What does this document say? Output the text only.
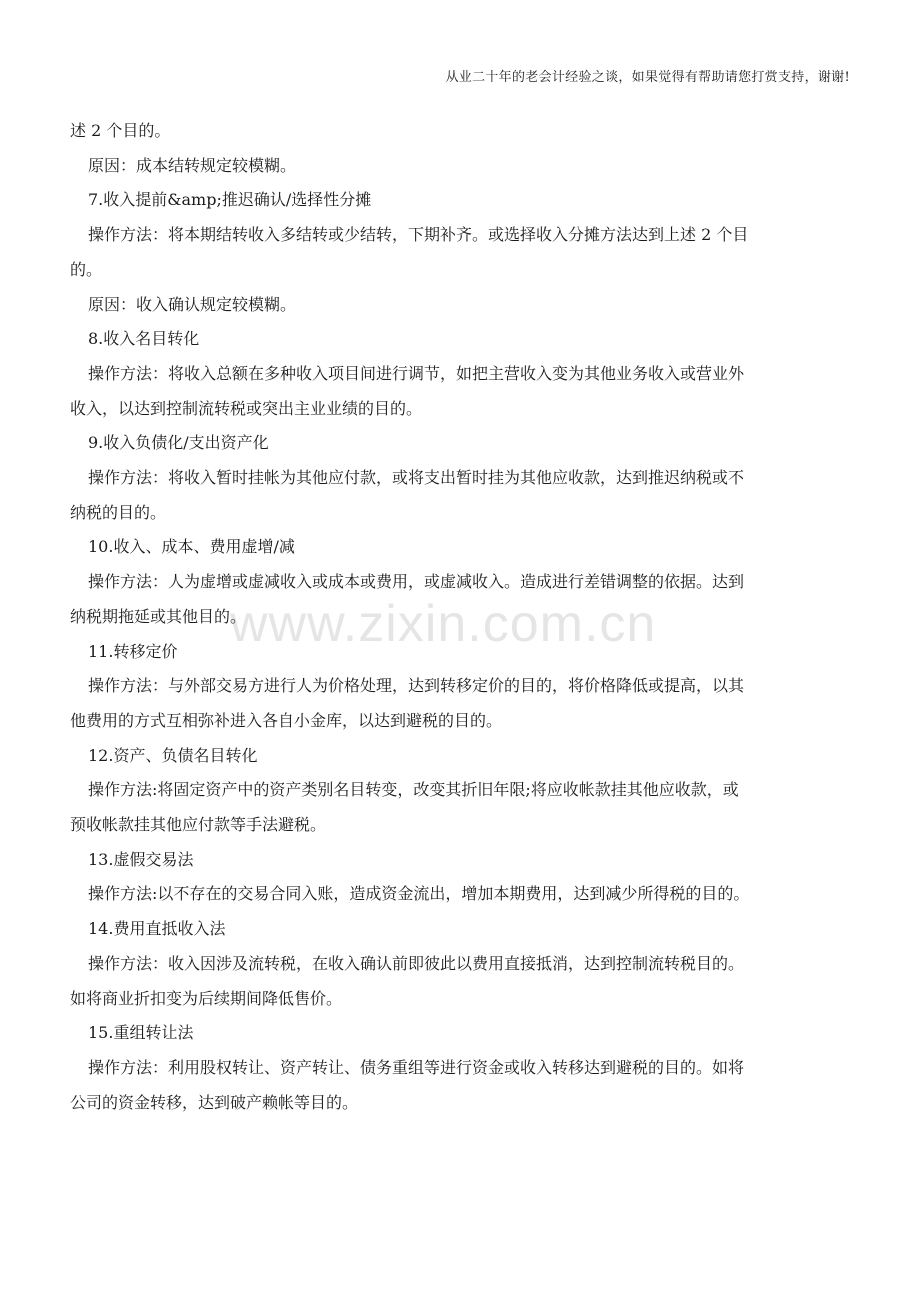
从业二十年的老会计经验之谈，如果觉得有帮助请您打赏支持，谢谢!

述 2 个目的。

原因：成本结转规定较模糊。

7.收入提前&amp;推迟确认/选择性分摊

操作方法：将本期结转收入多结转或少结转，下期补齐。或选择收入分摊方法达到上述 2 个目

的。

原因：收入确认规定较模糊。

8.收入名目转化

操作方法：将收入总额在多种收入项目间进行调节，如把主营收入变为其他业务收入或营业外

收入，以达到控制流转税或突出主业业绩的目的。

9.收入负债化/支出资产化

操作方法：将收入暂时挂帐为其他应付款，或将支出暂时挂为其他应收款，达到推迟纳税或不

纳税的目的。

10.收入、成本、费用虚增/减

操作方法：人为虚增或虚减收入或成本或费用，或虚减收入。造成进行差错调整的依据。达到

纳税期拖延或其他目的。

11.转移定价

操作方法：与外部交易方进行人为价格处理，达到转移定价的目的，将价格降低或提高，以其

他费用的方式互相弥补进入各自小金库，以达到避税的目的。

12.资产、负债名目转化

操作方法:将固定资产中的资产类别名目转变，改变其折旧年限;将应收帐款挂其他应收款，或

预收帐款挂其他应付款等手法避税。

13.虚假交易法

操作方法:以不存在的交易合同入账，造成资金流出，增加本期费用，达到减少所得税的目的。

14.费用直抵收入法

操作方法：收入因涉及流转税，在收入确认前即彼此以费用直接抵消，达到控制流转税目的。

如将商业折扣变为后续期间降低售价。

15.重组转让法

操作方法：利用股权转让、资产转让、债务重组等进行资金或收入转移达到避税的目的。如将

公司的资金转移，达到破产赖帐等目的。

www.zixin.com.cn
